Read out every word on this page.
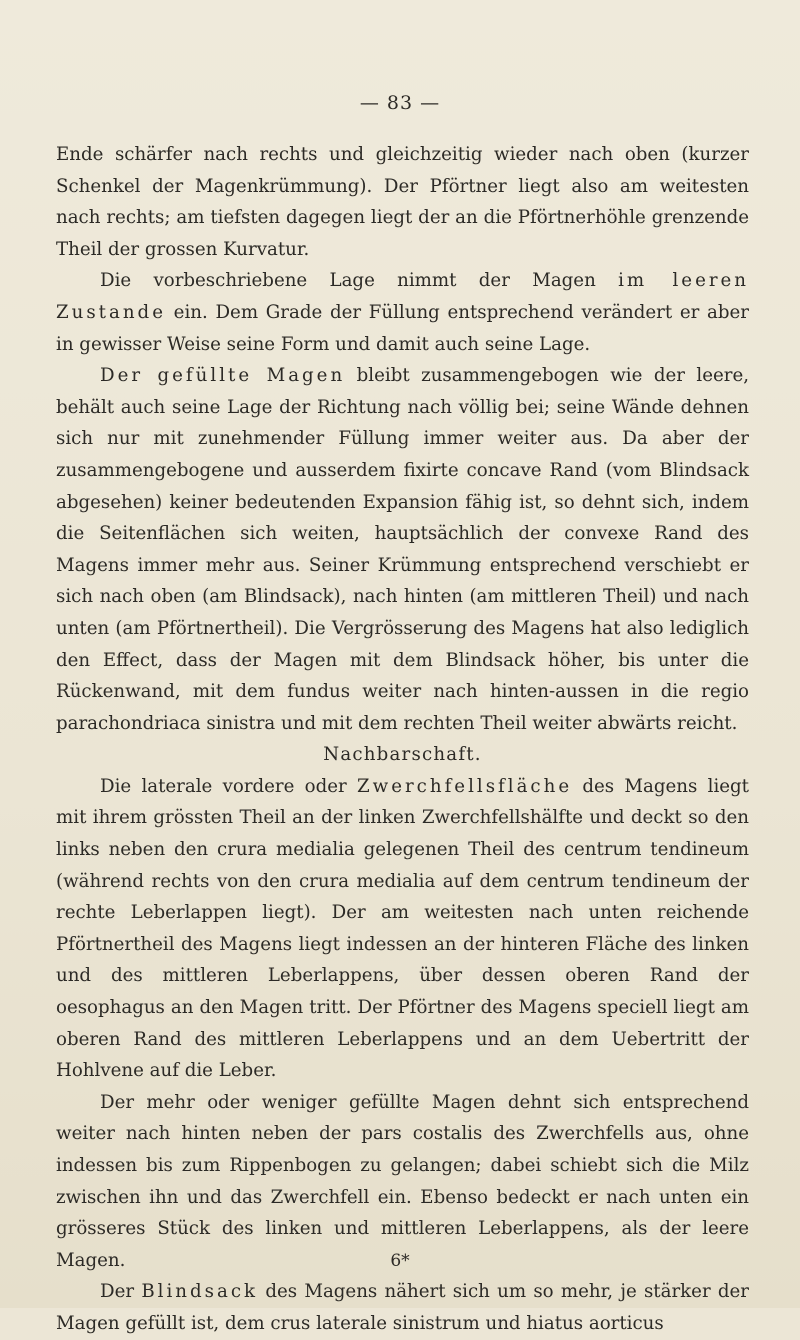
— 83 —

Ende schärfer nach rechts und gleichzeitig wieder nach oben (kurzer Schenkel der Magenkrümmung). Der Pförtner liegt also am weitesten nach rechts; am tiefsten dagegen liegt der an die Pförtnerhöhle grenzende Theil der grossen Kurvatur.

Die vorbeschriebene Lage nimmt der Magen im leeren Zustande ein. Dem Grade der Füllung entsprechend verändert er aber in gewisser Weise seine Form und damit auch seine Lage.

Der gefüllte Magen bleibt zusammengebogen wie der leere, behält auch seine Lage der Richtung nach völlig bei; seine Wände dehnen sich nur mit zunehmender Füllung immer weiter aus. Da aber der zusammengebogene und ausserdem fixirte concave Rand (vom Blindsack abgesehen) keiner bedeutenden Expansion fähig ist, so dehnt sich, indem die Seitenflächen sich weiten, hauptsächlich der convexe Rand des Magens immer mehr aus. Seiner Krümmung entsprechend verschiebt er sich nach oben (am Blindsack), nach hinten (am mittleren Theil) und nach unten (am Pförtnertheil). Die Vergrösserung des Magens hat also lediglich den Effect, dass der Magen mit dem Blindsack höher, bis unter die Rückenwand, mit dem fundus weiter nach hinten-aussen in die regio parachondriaca sinistra und mit dem rechten Theil weiter abwärts reicht.

Nachbarschaft.

Die laterale vordere oder Zwerchfellsfläche des Magens liegt mit ihrem grössten Theil an der linken Zwerchfellshälfte und deckt so den links neben den crura medialia gelegenen Theil des centrum tendineum (während rechts von den crura medialia auf dem centrum tendineum der rechte Leberlappen liegt). Der am weitesten nach unten reichende Pförtnertheil des Magens liegt indessen an der hinteren Fläche des linken und des mittleren Leberlappens, über dessen oberen Rand der oesophagus an den Magen tritt. Der Pförtner des Magens speciell liegt am oberen Rand des mittleren Leberlappens und an dem Uebertritt der Hohlvene auf die Leber.

Der mehr oder weniger gefüllte Magen dehnt sich entsprechend weiter nach hinten neben der pars costalis des Zwerchfells aus, ohne indessen bis zum Rippenbogen zu gelangen; dabei schiebt sich die Milz zwischen ihn und das Zwerchfell ein. Ebenso bedeckt er nach unten ein grösseres Stück des linken und mittleren Leberlappens, als der leere Magen.

Der Blindsack des Magens nähert sich um so mehr, je stärker der Magen gefüllt ist, dem crus laterale sinistrum und hiatus aorticus

6*
